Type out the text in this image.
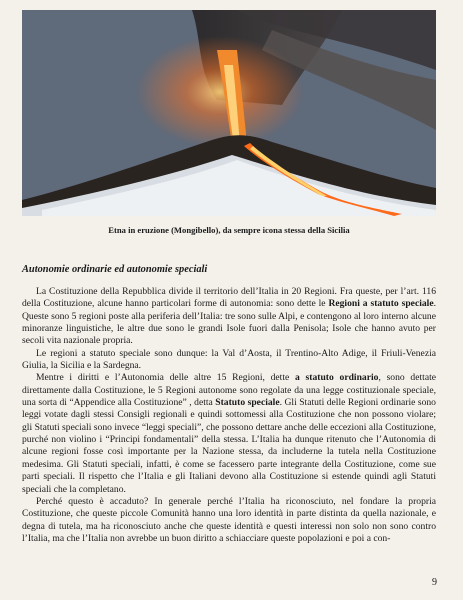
Etna in eruzione (Mongibello), da sempre icona stessa della Sicilia
Autonomie ordinarie ed autonomie speciali

La Costituzione della Repubblica divide il territorio dell’Italia in 20 Regioni. Fra queste, per l’art. 116 della Costituzione, alcune hanno particolari forme di autonomia: sono dette le Regioni a statuto speciale. Queste sono 5 regioni poste alla periferia dell’Italia: tre sono sulle Alpi, e contengono al loro interno alcune minoranze linguistiche, le altre due sono le grandi Isole fuori dalla Penisola; Isole che hanno avuto per secoli vita nazionale propria.

Le regioni a statuto speciale sono dunque: la Val d’Aosta, il Trentino-Alto Adige, il Friuli-Venezia Giulia, la Sicilia e la Sardegna.

Mentre i diritti e l’Autonomia delle altre 15 Regioni, dette a statuto ordinario, sono dettate direttamente dalla Costituzione, le 5 Regioni autonome sono regolate da una legge costituzionale speciale, una sorta di “Appendice alla Costituzione” , detta Statuto speciale. Gli Statuti delle Regioni ordinarie sono leggi votate dagli stessi Consigli regionali e quindi sottomessi alla Costituzione che non possono violare; gli Statuti speciali sono invece “leggi speciali”, che possono dettare anche delle eccezioni alla Costituzione, purché non violino i “Principi fondamentali” della stessa. L’Italia ha dunque ritenuto che l’Autonomia di alcune regioni fosse così importante per la Nazione stessa, da includerne la tutela nella Costituzione medesima. Gli Statuti speciali, infatti, è come se facessero parte integrante della Costituzione, come sue parti speciali. Il rispetto che l’Italia e gli Italiani devono alla Costituzione si estende quindi agli Statuti speciali che la completano.

Perché questo è accaduto? In generale perché l’Italia ha riconosciuto, nel fondare la propria Costituzione, che queste piccole Comunità hanno una loro identità in parte distinta da quella nazionale, e degna di tutela, ma ha riconosciuto anche che queste identità e questi interessi non solo non sono contro l’Italia, ma che l’Italia non avrebbe un buon diritto a schiacciare queste popolazioni e poi a con-

9
